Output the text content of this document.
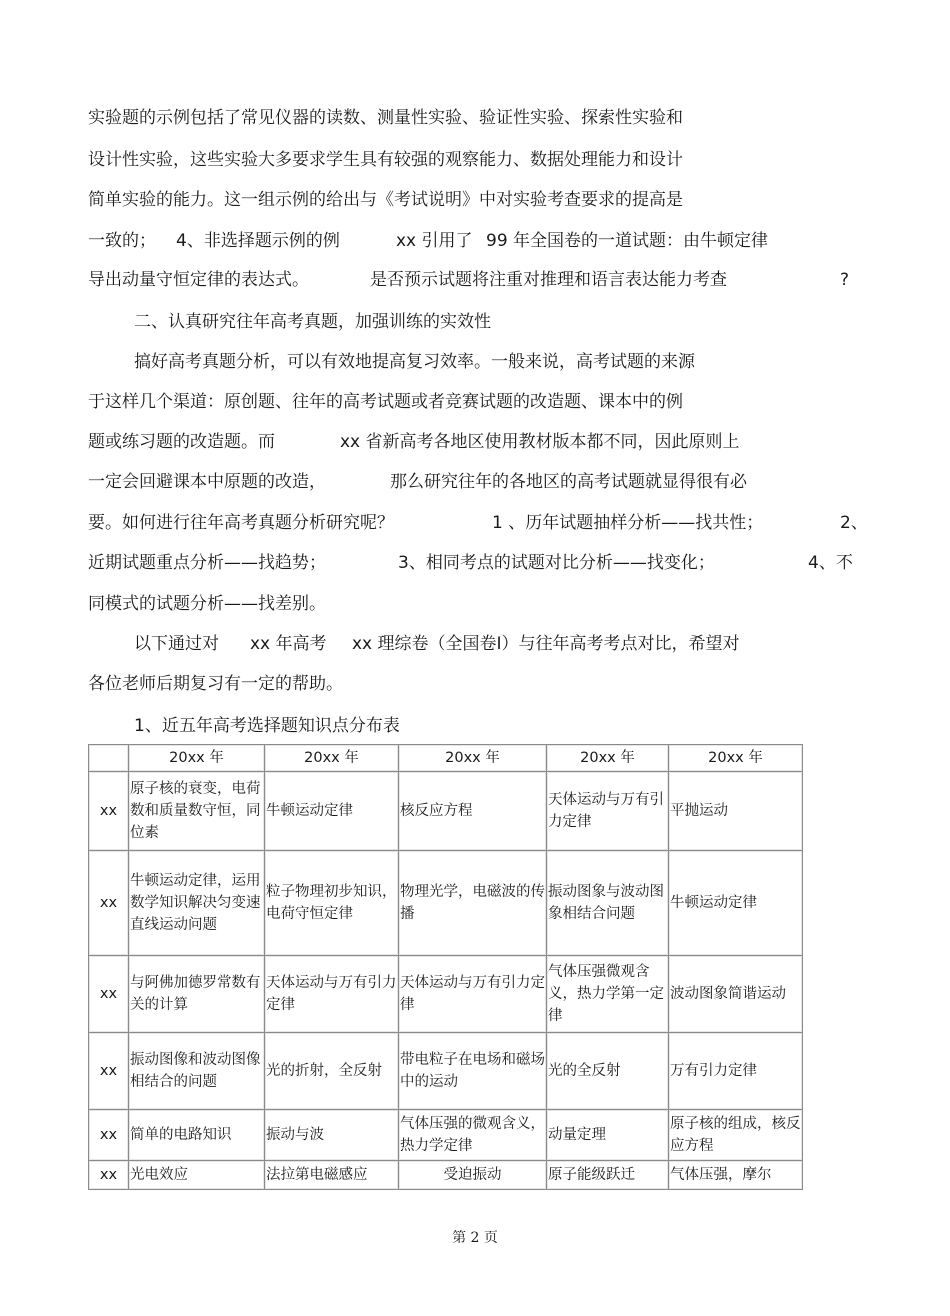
实验题的示例包括了常见仪器的读数、测量性实验、验证性实验、探索性实验和
设计性实验，这些实验大多要求学生具有较强的观察能力、数据处理能力和设计
简单实验的能力。这一组示例的给出与《考试说明》中对实验考查要求的提高是
一致的； 4、非选择题示例的例	xx 引用了 99 年全国卷的一道试题：由牛顿定律
导出动量守恒定律的表达式。	是否预示试题将注重对推理和语言表达能力考查	?
二、认真研究往年高考真题，加强训练的实效性
搞好高考真题分析，可以有效地提高复习效率。一般来说，高考试题的来源
于这样几个渠道：原创题、往年的高考试题或者竞赛试题的改造题、课本中的例
题或练习题的改造题。而	xx 省新高考各地区使用教材版本都不同，因此原则上
一定会回避课本中原题的改造，	那么研究往年的各地区的高考试题就显得很有必
要。如何进行往年高考真题分析研究呢？	1 、历年试题抽样分析——找共性；	2、
近期试题重点分析——找趋势；	3、相同考点的试题对比分析——找变化；	4、不
同模式的试题分析——找差别。
以下通过对 xx 年高考 xx 理综卷（全国卷Ⅰ）与往年高考考点对比，希望对
各位老师后期复习有一定的帮助。
1、近五年高考选择题知识点分布表
	20xx 年	20xx 年	20xx 年	20xx 年	20xx 年
xx	原子核的衰变，电荷数和质量数守恒，同位素	牛顿运动定律	核反应方程	天体运动与万有引力定律	平抛运动
xx	牛顿运动定律，运用数学知识解决匀变速直线运动问题	粒子物理初步知识，电荷守恒定律	物理光学，电磁波的传播	振动图象与波动图象相结合问题	牛顿运动定律
xx	与阿佛加德罗常数有关的计算	天体运动与万有引力定律	天体运动与万有引力定律	气体压强微观含义，热力学第一定律	波动图象简谐运动
xx	振动图像和波动图像相结合的问题	光的折射，全反射	带电粒子在电场和磁场中的运动	光的全反射	万有引力定律
xx	简单的电路知识	振动与波	气体压强的微观含义，热力学定律	动量定理	原子核的组成，核反应方程
xx	光电效应	法拉第电磁感应	受迫振动	原子能级跃迁	气体压强，摩尔
第 2 页
